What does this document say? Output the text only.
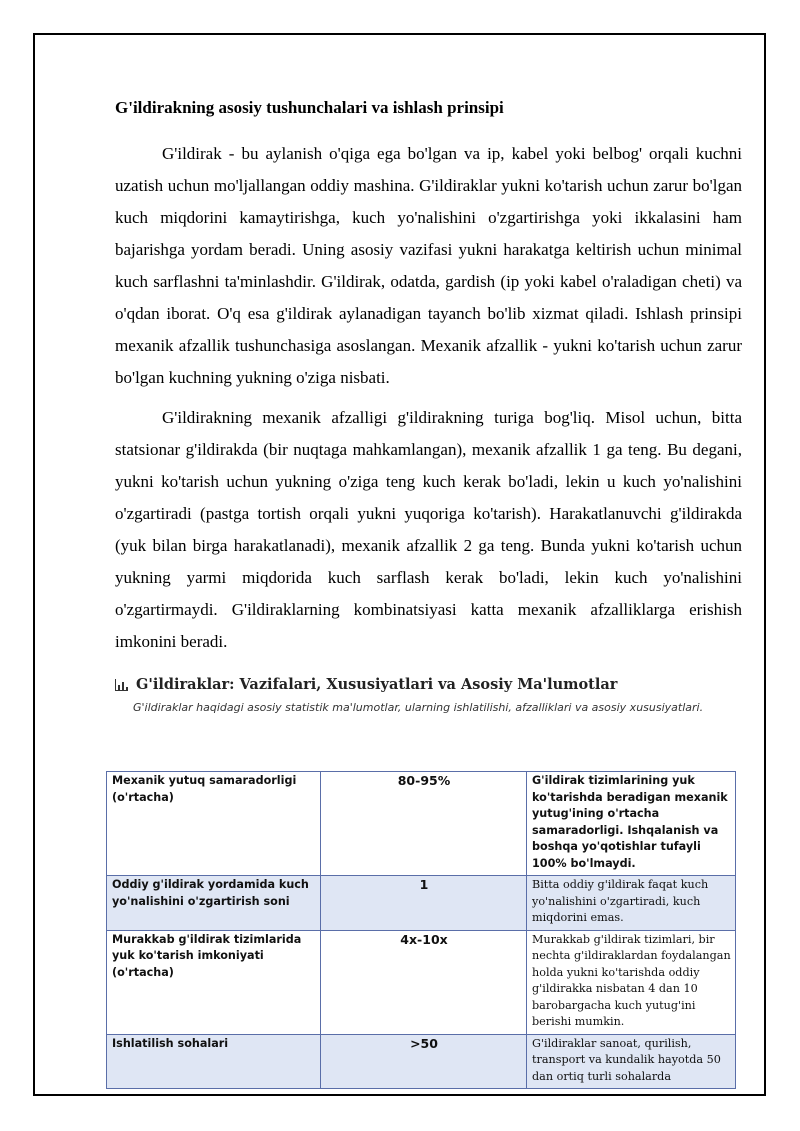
G'ildirakning asosiy tushunchalari va ishlash prinsipi

G'ildirak - bu aylanish o'qiga ega bo'lgan va ip, kabel yoki belbog' orqali kuchni uzatish uchun mo'ljallangan oddiy mashina. G'ildiraklar yukni ko'tarish uchun zarur bo'lgan kuch miqdorini kamaytirishga, kuch yo'nalishini o'zgartirishga yoki ikkalasini ham bajarishga yordam beradi. Uning asosiy vazifasi yukni harakatga keltirish uchun minimal kuch sarflashni ta'minlashdir. G'ildirak, odatda, gardish (ip yoki kabel o'raladigan cheti) va o'qdan iborat. O'q esa g'ildirak aylanadigan tayanch bo'lib xizmat qiladi. Ishlash prinsipi mexanik afzallik tushunchasiga asoslangan. Mexanik afzallik - yukni ko'tarish uchun zarur bo'lgan kuchning yukning o'ziga nisbati.

G'ildirakning mexanik afzalligi g'ildirakning turiga bog'liq. Misol uchun, bitta statsionar g'ildirakda (bir nuqtaga mahkamlangan), mexanik afzallik 1 ga teng. Bu degani, yukni ko'tarish uchun yukning o'ziga teng kuch kerak bo'ladi, lekin u kuch yo'nalishini o'zgartiradi (pastga tortish orqali yukni yuqoriga ko'tarish). Harakatlanuvchi g'ildirakda (yuk bilan birga harakatlanadi), mexanik afzallik 2 ga teng. Bunda yukni ko'tarish uchun yukning yarmi miqdorida kuch sarflash kerak bo'ladi, lekin kuch yo'nalishini o'zgartirmaydi. G'ildiraklarning kombinatsiyasi katta mexanik afzalliklarga erishish imkonini beradi.

G'ildiraklar: Vazifalari, Xususiyatlari va Asosiy Ma'lumotlar
G'ildiraklar haqidagi asosiy statistik ma'lumotlar, ularning ishlatilishi, afzalliklari va asosiy xususiyatlari.
Mexanik yutuq samaradorligi (o'rtacha)	80-95%	G'ildirak tizimlarining yuk ko'tarishda beradigan mexanik yutug'ining o'rtacha samaradorligi. Ishqalanish va boshqa yo'qotishlar tufayli 100% bo'lmaydi.
Oddiy g'ildirak yordamida kuch yo'nalishini o'zgartirish soni	1	Bitta oddiy g'ildirak faqat kuch yo'nalishini o'zgartiradi, kuch miqdorini emas.
Murakkab g'ildirak tizimlarida yuk ko'tarish imkoniyati (o'rtacha)	4x-10x	Murakkab g'ildirak tizimlari, bir nechta g'ildiraklardan foydalangan holda yukni ko'tarishda oddiy g'ildirakka nisbatan 4 dan 10 barobargacha kuch yutug'ini berishi mumkin.
Ishlatilish sohalari	>50	G'ildiraklar sanoat, qurilish, transport va kundalik hayotda 50 dan ortiq turli sohalarda
